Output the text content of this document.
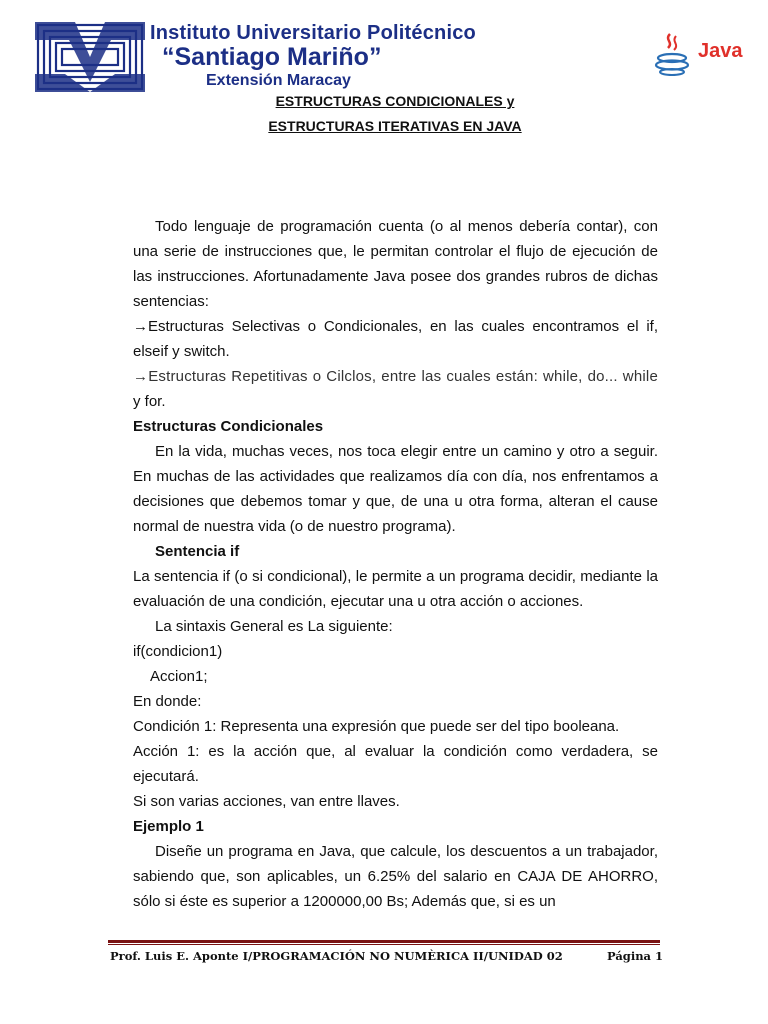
Instituto Universitario Politécnico
“Santiago Mariño”
Extensión Maracay
Java
ESTRUCTURAS CONDICIONALES y
ESTRUCTURAS ITERATIVAS EN JAVA

Todo lenguaje de programación cuenta (o al menos debería contar), con una serie de instrucciones que, le permitan controlar el flujo de ejecución de las instrucciones. Afortunadamente Java posee dos grandes rubros de dichas sentencias:

→Estructuras Selectivas o Condicionales, en las cuales encontramos el if, elseif y switch.

→Estructuras Repetitivas o Cilclos, entre las cuales están: while, do... while

y for.

Estructuras Condicionales

En la vida, muchas veces, nos toca elegir entre un camino y otro a seguir. En muchas de las actividades que realizamos día con día, nos enfrentamos a decisiones que debemos tomar y que, de una u otra forma, alteran el cause normal de nuestra vida (o de nuestro programa).

Sentencia if

La sentencia if (o si condicional), le permite a un programa decidir, mediante la evaluación de una condición, ejecutar una u otra acción o acciones.

La sintaxis General es La siguiente:

if(condicion1)

Accion1;

En donde:

Condición 1: Representa una expresión que puede ser del tipo booleana.

Acción 1: es la acción que, al evaluar la condición como verdadera, se ejecutará.

Si son varias acciones, van entre llaves.

Ejemplo 1

Diseñe un programa en Java, que calcule, los descuentos a un trabajador, sabiendo que, son aplicables, un 6.25% del salario en CAJA DE AHORRO, sólo si éste es superior a 1200000,00 Bs; Además que, si es un

Prof. Luis E. Aponte I/PROGRAMACIÓN NO NUMÈRICA II/UNIDAD 02	Página 1
